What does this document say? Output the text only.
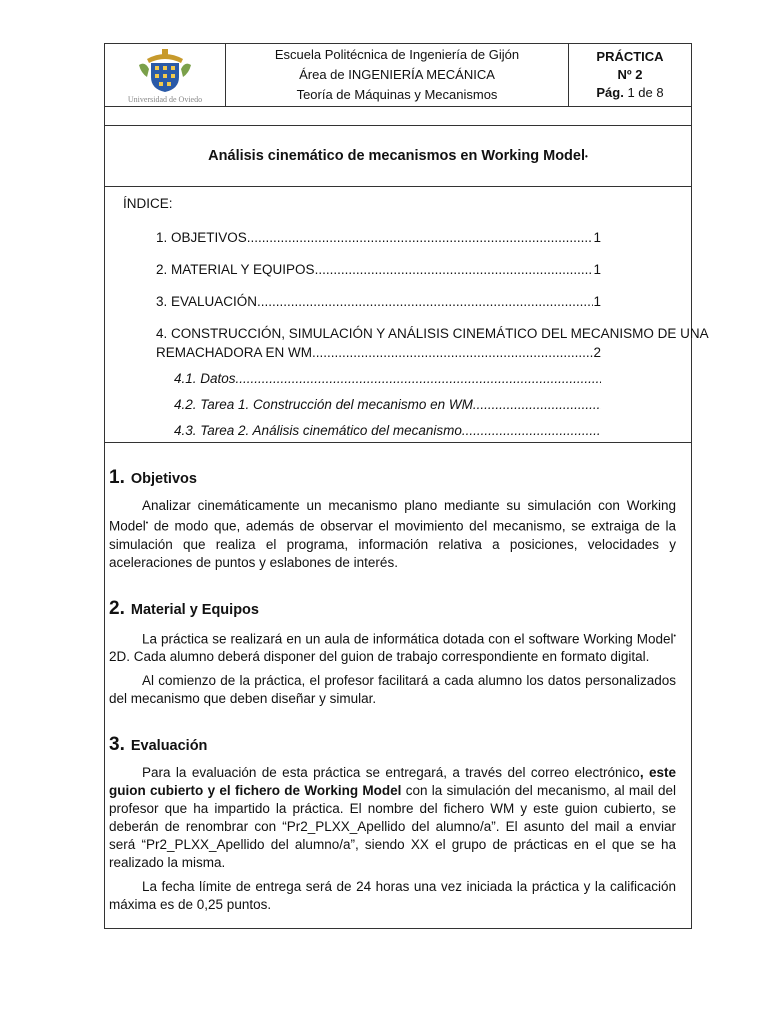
Universidad de Oviedo
Escuela Politécnica de Ingeniería de Gijón
Área de INGENIERÍA MECÁNICA
Teoría de Máquinas y Mecanismos
PRÁCTICA
Nº 2
Pág. 1 de 8
Análisis cinemático de mecanismos en Working Model •
ÍNDICE:
1. OBJETIVOS .....	1
2. MATERIAL Y EQUIPOS .....	1
3. EVALUACIÓN .....	1
4. CONSTRUCCIÓN, SIMULACIÓN Y ANÁLISIS CINEMÁTICO DEL MECANISMO DE UNA
REMACHADORA EN WM .....	2
4.1. Datos
.....
4.2. Tarea 1. Construcción del mecanismo en WM
.....
4.3. Tarea 2. Análisis cinemático del mecanismo
.....
1. Objetivos

Analizar cinemáticamente un mecanismo plano mediante su simulación con Working Model• de modo que, además de observar el movimiento del mecanismo, se extraiga de la simulación que realiza el programa, información relativa a posiciones, velocidades y aceleraciones de puntos y eslabones de interés.

2. Material y Equipos

La práctica se realizará en un aula de informática dotada con el software Working Model• 2D. Cada alumno deberá disponer del guion de trabajo correspondiente en formato digital.

Al comienzo de la práctica, el profesor facilitará a cada alumno los datos personalizados del mecanismo que deben diseñar y simular.

3. Evaluación

Para la evaluación de esta práctica se entregará, a través del correo electrónico, este guion cubierto y el fichero de Working Model con la simulación del mecanismo, al mail del profesor que ha impartido la práctica. El nombre del fichero WM y este guion cubierto, se deberán de renombrar con “Pr2_PLXX_Apellido del alumno/a”. El asunto del mail a enviar será “Pr2_PLXX_Apellido del alumno/a”, siendo XX el grupo de prácticas en el que se ha realizado la misma.

La fecha límite de entrega será de 24 horas una vez iniciada la práctica y la calificación máxima es de 0,25 puntos.
